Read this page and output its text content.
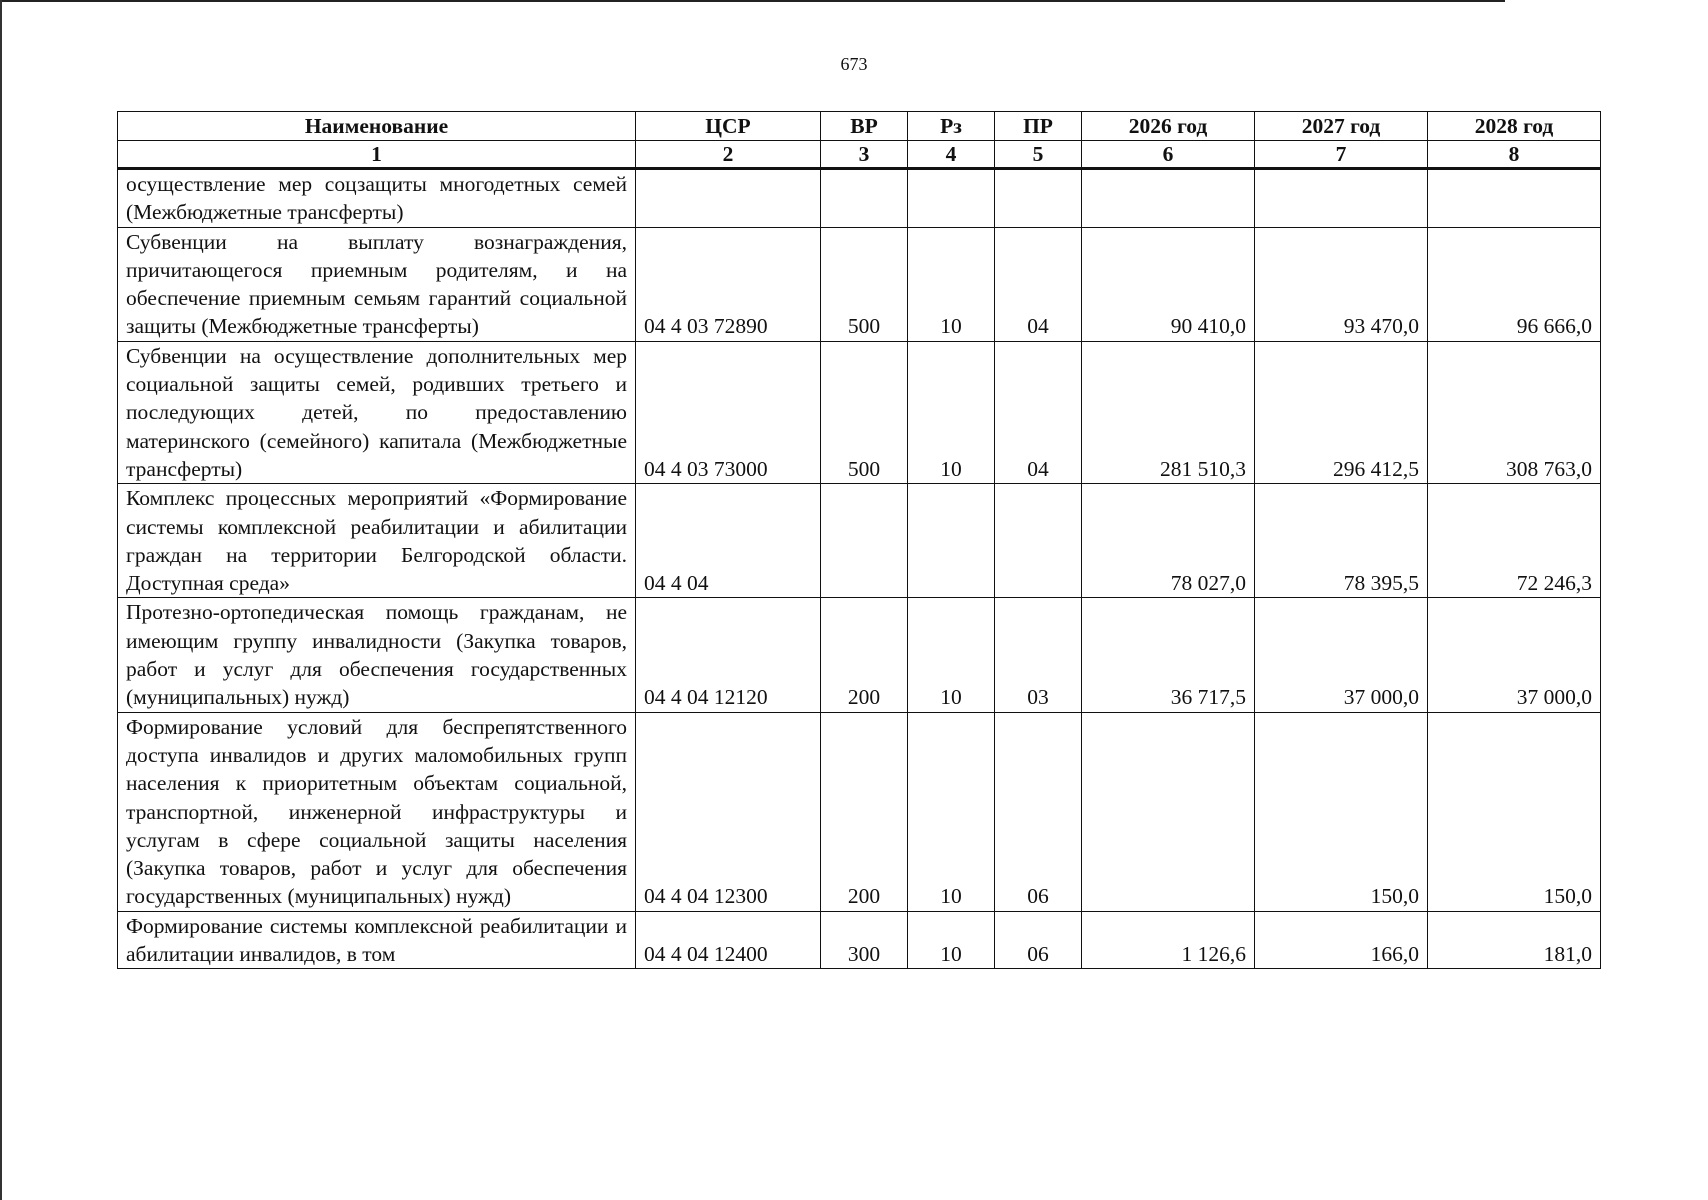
673
Наименование	ЦСР	ВР	Рз	ПР	2026 год	2027 год	2028 год
1	2	3	4	5	6	7	8
осуществление мер соцзащиты многодетных семей (Межбюджетные трансферты)							
Субвенции на выплату вознаграждения, причитающегося приемным родителям, и на обеспечение приемным семьям гарантий социальной защиты (Межбюджетные трансферты)	04 4 03 72890	500	10	04	90 410,0	93 470,0	96 666,0
Субвенции на осуществление дополнительных мер социальной защиты семей, родивших третьего и последующих детей, по предоставлению материнского (семейного) капитала (Межбюджетные трансферты)	04 4 03 73000	500	10	04	281 510,3	296 412,5	308 763,0
Комплекс процессных мероприятий «Формирование системы комплексной реабилитации и абилитации граждан на территории Белгородской области. Доступная среда»	04 4 04				78 027,0	78 395,5	72 246,3
Протезно-ортопедическая помощь гражданам, не имеющим группу инвалидности (Закупка товаров, работ и услуг для обеспечения государственных (муниципальных) нужд)	04 4 04 12120	200	10	03	36 717,5	37 000,0	37 000,0
Формирование условий для беспрепятственного доступа инвалидов и других маломобильных групп населения к приоритетным объектам социальной, транспортной, инженерной инфраструктуры и услугам в сфере социальной защиты населения (Закупка товаров, работ и услуг для обеспечения государственных (муниципальных) нужд)	04 4 04 12300	200	10	06		150,0	150,0
Формирование системы комплексной реабилитации и абилитации инвалидов, в том	04 4 04 12400	300	10	06	1 126,6	166,0	181,0
